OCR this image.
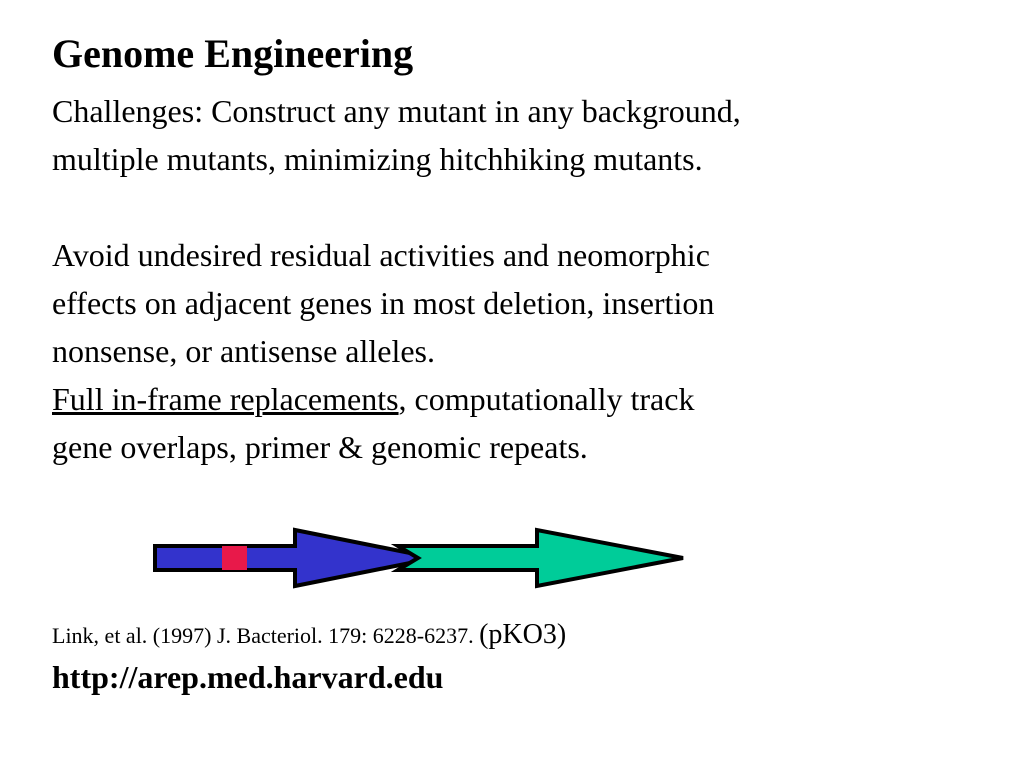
Genome Engineering

Challenges: Construct any mutant in any background,

multiple mutants, minimizing hitchhiking mutants.

Avoid undesired residual activities and neomorphic

effects on adjacent genes in most deletion, insertion

nonsense, or antisense alleles.

Full in-frame replacements, computationally track

gene overlaps, primer & genomic repeats.

Link, et al. (1997) J. Bacteriol. 179: 6228-6237. (pKO3)

http://arep.med.harvard.edu
